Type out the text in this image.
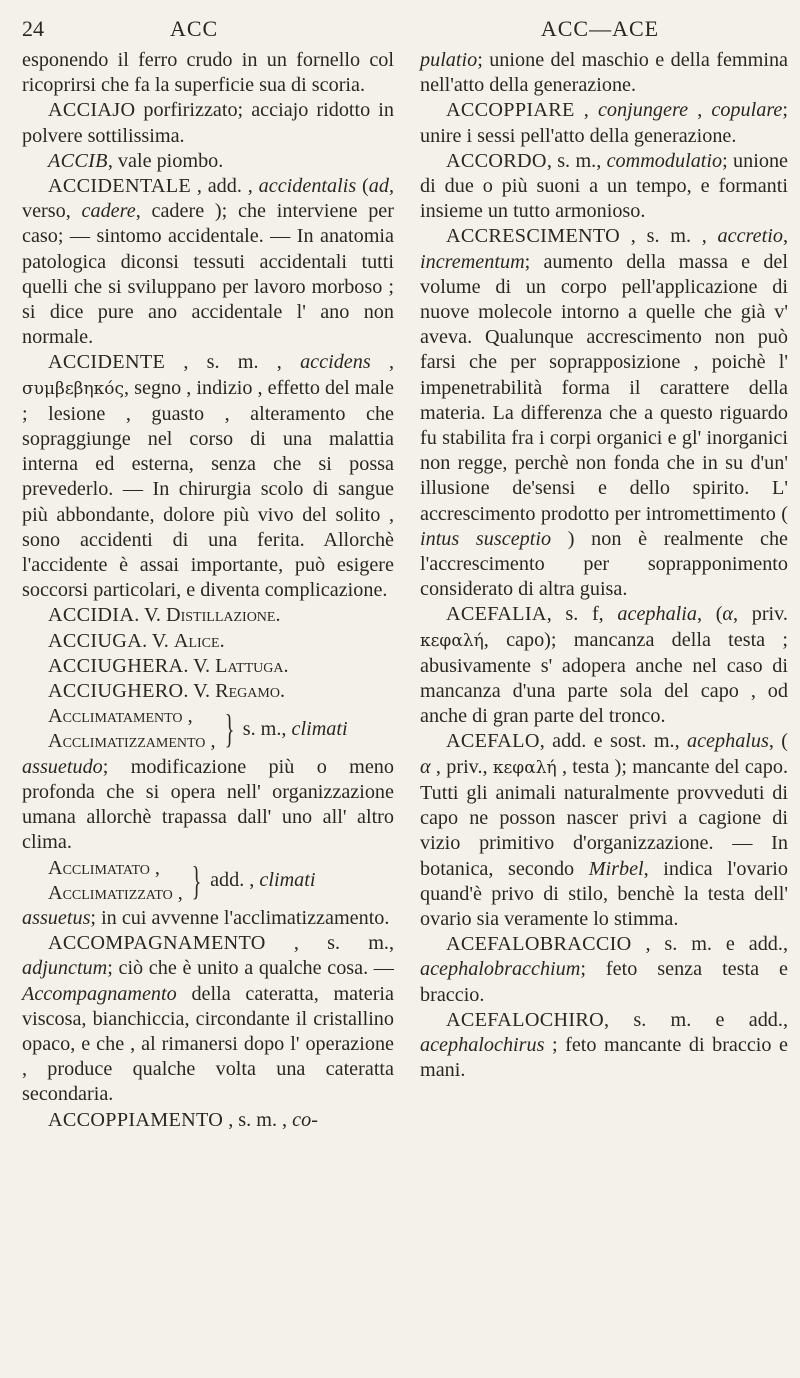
24	ACC	ACC—ACE

esponendo il ferro crudo in un fornello col ricoprirsi che fa la superficie sua di scoria.

ACCIAJO porfirizzato; acciajo ridotto in polvere sottilissima.

ACCIB, vale piombo.

ACCIDENTALE , add. , accidentalis (ad, verso, cadere, cadere ); che interviene per caso; — sintomo accidentale. — In anatomia patologica diconsi tessuti accidentali tutti quelli che si sviluppano per lavoro morboso ; si dice pure ano accidentale l' ano non normale.

ACCIDENTE , s. m. , accidens , συμβεβηκός, segno , indizio , effetto del male ; lesione , guasto , alteramento che sopraggiunge nel corso di una malattia interna ed esterna, senza che si possa prevederlo. — In chirurgia scolo di sangue più abbondante, dolore più vivo del solito , sono accidenti di una ferita. Allorchè l'accidente è assai importante, può esigere soccorsi particolari, e diventa complicazione.

ACCIDIA. V. Distillazione.

ACCIUGA. V. Alice.

ACCIUGHERA. V. Lattuga.

ACCIUGHERO. V. Regamo.

Acclimatamento ,
Acclimatizzamento , } s. m., climati

assuetudo; modificazione più o meno profonda che si opera nell' organizzazione umana allorchè trapassa dall' uno all' altro clima.

Acclimatato ,
Acclimatizzato , } add. , climati

assuetus; in cui avvenne l'acclimatizzamento.

ACCOMPAGNAMENTO , s. m., adjunctum; ciò che è unito a qualche cosa. — Accompagnamento della cateratta, materia viscosa, bianchiccia, circondante il cristallino opaco, e che , al rimanersi dopo l' operazione , produce qualche volta una cateratta secondaria.

ACCOPPIAMENTO , s. m. , co-

pulatio; unione del maschio e della femmina nell'atto della generazione.

ACCOPPIARE , conjungere , copulare; unire i sessi pell'atto della generazione.

ACCORDO, s. m., commodulatio; unione di due o più suoni a un tempo, e formanti insieme un tutto armonioso.

ACCRESCIMENTO , s. m. , accretio, incrementum; aumento della massa e del volume di un corpo pell'applicazione di nuove molecole intorno a quelle che già v' aveva. Qualunque accrescimento non può farsi che per soprapposizione , poichè l' impenetrabilità forma il carattere della materia. La differenza che a questo riguardo fu stabilita fra i corpi organici e gl' inorganici non regge, perchè non fonda che in su d'un' illusione de'sensi e dello spirito. L' accrescimento prodotto per intromettimento ( intus susceptio ) non è realmente che l'accrescimento per soprapponimento considerato di altra guisa.

ACEFALIA, s. f, acephalia, (α, priv. κεφαλή, capo); mancanza della testa ; abusivamente s' adopera anche nel caso di mancanza d'una parte sola del capo , od anche di gran parte del tronco.

ACEFALO, add. e sost. m., acephalus, ( α , priv., κεφαλή , testa ); mancante del capo. Tutti gli animali naturalmente provveduti di capo ne posson nascer privi a cagione di vizio primitivo d'organizzazione. — In botanica, secondo Mirbel, indica l'ovario quand'è privo di stilo, benchè la testa dell' ovario sia veramente lo stimma.

ACEFALOBRACCIO , s. m. e add., acephalobracchium; feto senza testa e braccio.

ACEFALOCHIRO, s. m. e add., acephalochirus ; feto mancante di braccio e mani.
